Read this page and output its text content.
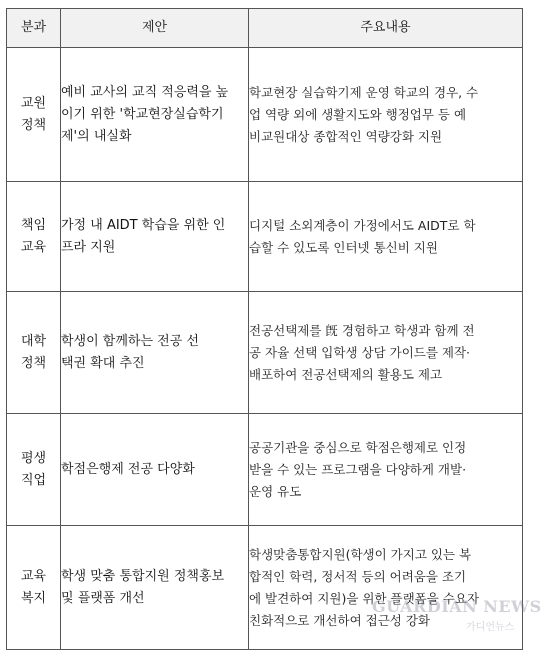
분과	제안	주요내용
교원
정책	예비 교사의 교직 적응력을 높
이기 위한 '학교현장실습학기
제'의 내실화	학교현장 실습학기제 운영 학교의 경우, 수
업 역량 외에 생활지도와 행정업무 등 예
비교원대상 종합적인 역량강화 지원

책임
교육	가정 내 AIDT 학습을 위한 인
프라 지원	디지털 소외계층이 가정에서도 AIDT로 학
습할 수 있도록 인터넷 통신비 지원

대학
정책	학생이 함께하는 전공 선
택권 확대 추진	전공선택제를 旣 경험하고 학생과 함께 전
공 자율 선택 입학생 상담 가이드를 제작·
배포하여 전공선택제의 활용도 제고

평생
직업	학점은행제 전공 다양화	공공기관을 중심으로 학점은행제로 인정
받을 수 있는 프로그램을 다양하게 개발·
운영 유도

교육
복지	학생 맞춤 통합지원 정책홍보
및 플랫폼 개선	학생맞춤통합지원(학생이 가지고 있는 복
합적인 학력, 정서적 등의 어려움을 조기
에 발견하여 지원)을 위한 플랫폼을 수요자
친화적으로 개선하여 접근성 강화
GUARDIAN NEWS
가디언뉴스
